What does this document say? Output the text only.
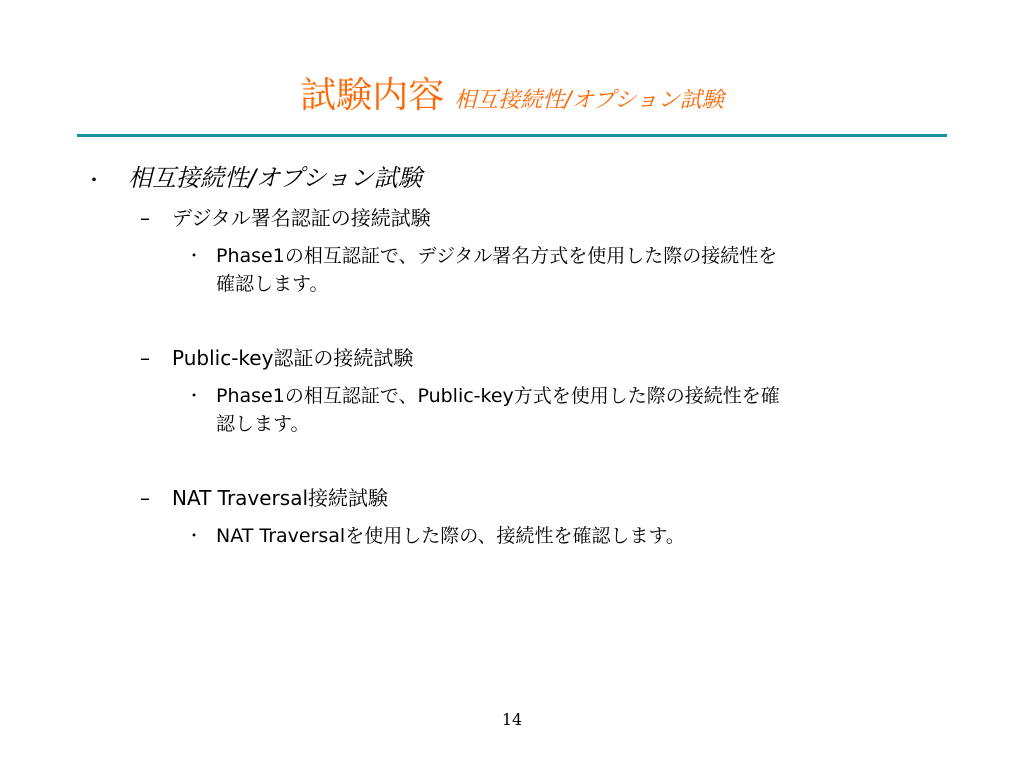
試験内容 相互接続性/オプション試験
・ 相互接続性/オプション試験
– デジタル署名認証の接続試験
・ Phase1の相互認証で、デジタル署名方式を使用した際の接続性を
確認します。
– Public-key認証の接続試験
・ Phase1の相互認証で、Public-key方式を使用した際の接続性を確
認します。
– NAT Traversal接続試験
・ NAT Traversalを使用した際の、接続性を確認します。
14
